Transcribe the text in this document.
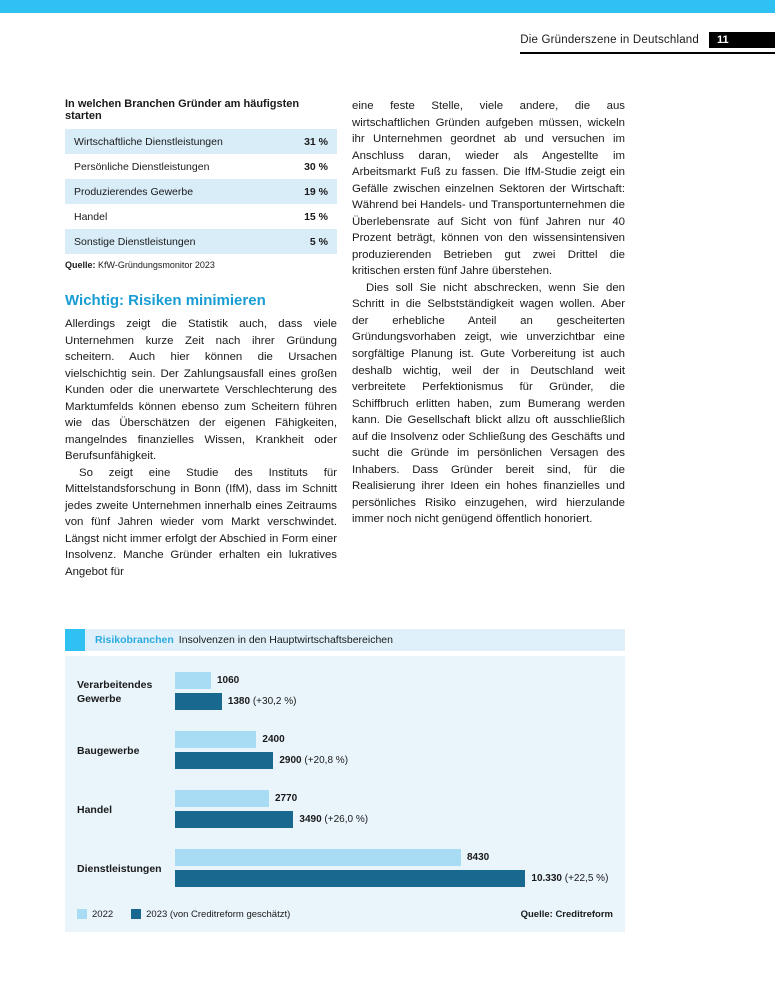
Die Gründerszene in Deutschland	11
In welchen Branchen Gründer am häufigsten starten
Wirtschaftliche Dienstleistungen	31 %
Persönliche Dienstleistungen	30 %
Produzierendes Gewerbe	19 %
Handel	15 %
Sonstige Dienstleistungen	5 %

Quelle: KfW-Gründungsmonitor 2023

Wichtig: Risiken minimieren

Allerdings zeigt die Statistik auch, dass viele Unternehmen kurze Zeit nach ihrer Gründung scheitern. Auch hier können die Ursachen vielschichtig sein. Der Zahlungsausfall eines großen Kunden oder die unerwartete Verschlechterung des Marktumfelds können ebenso zum Scheitern führen wie das Überschätzen der eigenen Fähigkeiten, mangelndes finanzielles Wissen, Krankheit oder Berufsunfähigkeit.

So zeigt eine Studie des Instituts für Mittelstandsforschung in Bonn (IfM), dass im Schnitt jedes zweite Unternehmen innerhalb eines Zeitraums von fünf Jahren wieder vom Markt verschwindet. Längst nicht immer erfolgt der Abschied in Form einer Insolvenz. Manche Gründer erhalten ein lukratives Angebot für

eine feste Stelle, viele andere, die aus wirtschaftlichen Gründen aufgeben müssen, wickeln ihr Unternehmen geordnet ab und versuchen im Anschluss daran, wieder als Angestellte im Arbeitsmarkt Fuß zu fassen. Die IfM-Studie zeigt ein Gefälle zwischen einzelnen Sektoren der Wirtschaft: Während bei Handels- und Transportunternehmen die Überlebensrate auf Sicht von fünf Jahren nur 40 Prozent beträgt, können von den wissensintensiven produzierenden Betrieben gut zwei Drittel die kritischen ersten fünf Jahre überstehen.

Dies soll Sie nicht abschrecken, wenn Sie den Schritt in die Selbstständigkeit wagen wollen. Aber der erhebliche Anteil an gescheiterten Gründungsvorhaben zeigt, wie unverzichtbar eine sorgfältige Planung ist. Gute Vorbereitung ist auch deshalb wichtig, weil der in Deutschland weit verbreitete Perfektionismus für Gründer, die Schiffbruch erlitten haben, zum Bumerang werden kann. Die Gesellschaft blickt allzu oft ausschließlich auf die Insolvenz oder Schließung des Geschäfts und sucht die Gründe im persönlichen Versagen des Inhabers. Dass Gründer bereit sind, für die Realisierung ihrer Ideen ein hohes finanzielles und persönliches Risiko einzugehen, wird hierzulande immer noch nicht genügend öffentlich honoriert.

Risikobranchen Insolvenzen in den Hauptwirtschaftsbereichen
Verarbeitendes Gewerbe
1060
1380 (+30,2 %)
Baugewerbe
2400
2900 (+20,8 %)
Handel
2770
3490 (+26,0 %)
Dienstleistungen
8430
10.330 (+22,5 %)
2022	2023 (von Creditreform geschätzt)	Quelle: Creditreform
